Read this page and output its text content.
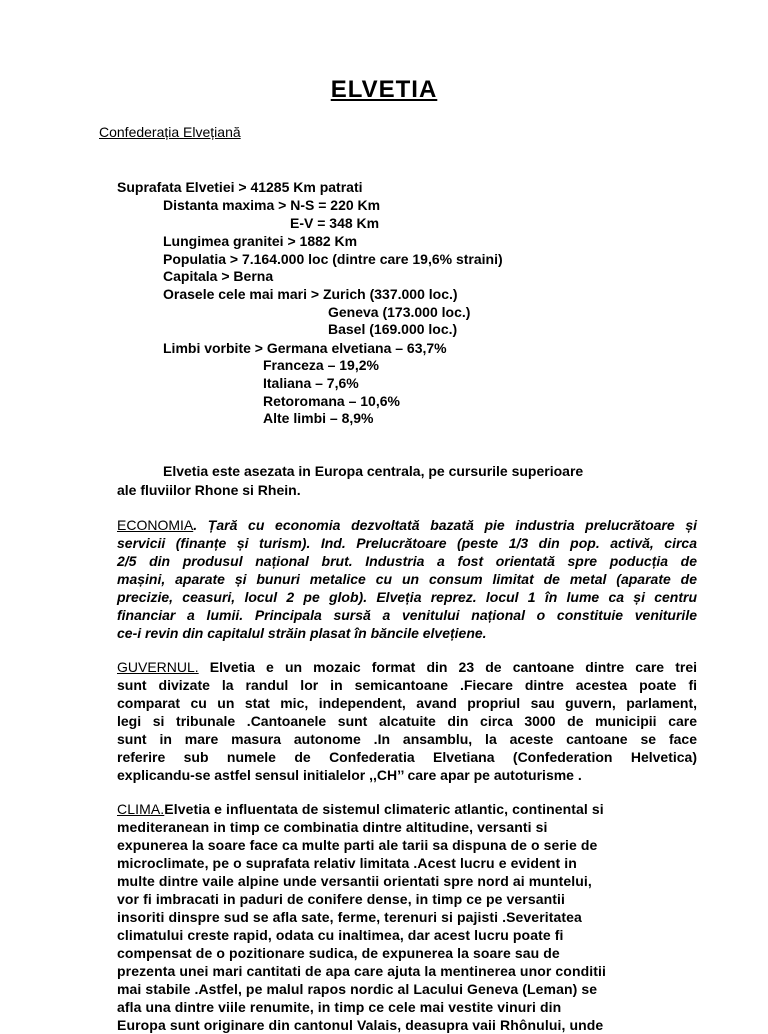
ELVETIA
Confederația Elvețiană
Suprafata Elvetiei > 41285 Km patrati
Distanta maxima > N-S = 220 Km
E-V = 348 Km
Lungimea granitei > 1882 Km
Populatia > 7.164.000 loc (dintre care 19,6% straini)
Capitala > Berna
Orasele cele mai mari > Zurich (337.000 loc.)
Geneva (173.000 loc.)
Basel (169.000 loc.)
Limbi vorbite > Germana elvetiana – 63,7%
Franceza – 19,2%
Italiana – 7,6%
Retoromana – 10,6%
Alte limbi – 8,9%
Elvetia este asezata in Europa centrala, pe cursurile superioare
ale fluviilor Rhone si Rhein.
ECONOMIA. Țară cu economia dezvoltată bazată pie industria prelucrătoare și
servicii (finanțe și turism). Ind. Prelucrătoare (peste 1/3 din pop. activă, circa
2/5 din produsul național brut. Industria a fost orientată spre poducția de
mașini, aparate și bunuri metalice cu un consum limitat de metal (aparate de
precizie, ceasuri, locul 2 pe glob). Elveția reprez. locul 1 în lume ca și centru
financiar a lumii. Principala sursă a venitului național o constituie veniturile
ce-i revin din capitalul străin plasat în băncile elvețiene.
GUVERNUL. Elvetia e un mozaic format din 23 de cantoane dintre care trei
sunt divizate la randul lor in semicantoane .Fiecare dintre acestea poate fi
comparat cu un stat mic, independent, avand propriul sau guvern, parlament,
legi si tribunale .Cantoanele sunt alcatuite din circa 3000 de municipii care
sunt in mare masura autonome .In ansamblu, la aceste cantoane se face
referire sub numele de Confederatia Elvetiana (Confederation Helvetica)
explicandu-se astfel sensul initialelor ,,CH’’ care apar pe autoturisme .
CLIMA.Elvetia e influentata de sistemul climateric atlantic, continental si
mediteranean in timp ce combinatia dintre altitudine, versanti si
expunerea la soare face ca multe parti ale tarii sa dispuna de o serie de
microclimate, pe o suprafata relativ limitata .Acest lucru e evident in
multe dintre vaile alpine unde versantii orientati spre nord ai muntelui,
vor fi imbracati in paduri de conifere dense, in timp ce pe versantii
insoriti dinspre sud se afla sate, ferme, terenuri si pajisti .Severitatea
climatului creste rapid, odata cu inaltimea, dar acest lucru poate fi
compensat de o pozitionare sudica, de expunerea la soare sau de
prezenta unei mari cantitati de apa care ajuta la mentinerea unor conditii
mai stabile .Astfel, pe malul rapos nordic al Lacului Geneva (Leman) se
afla una dintre viile renumite, in timp ce cele mai vestite vinuri din
Europa sunt originare din cantonul Valais, deasupra vaii Rhônului, unde
